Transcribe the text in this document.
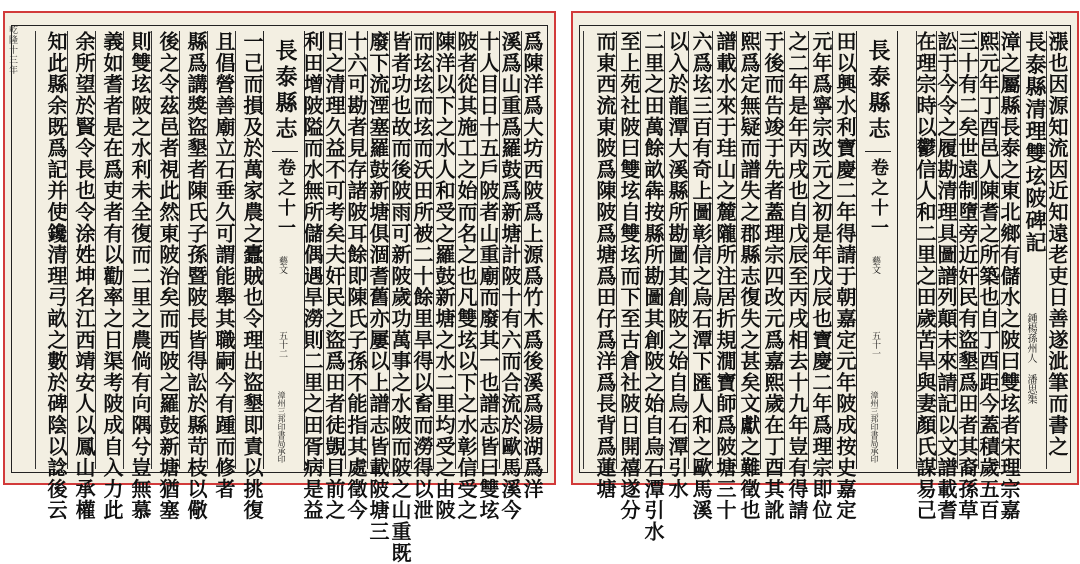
乾隆十三年	爲陳洋爲大坊西陂爲上源爲竹木爲後溪爲湯湖爲洋
溪爲山重爲羅鼓爲新塘計陂十有六而合流於歐馬溪今
十人目日十五戶陂者山重廟而廢其一也譜志皆曰雙𡊨
陂者從其施工之始而名之也凡雙𡊨以下之水彰信受之
陳洋以下之水人和受之羅鼓新塘之水二里均受之由陂
而𡊨𡊨而𡊨而沃田所被二十餘里旱得以畜而澇得以泄
皆者功也故而後陂雨可新陂歲功萬事之水陂而陂之山重既
廢下流湮塞羅鼓新塘俱涸耆舊亦屢以上譜志皆載陂塘三
十六可勘者見存諸陂耳餘即陳氏子孫不能指其處徵今
日之清理久益不可考矣夫奸民之盜爲田者徒覬目前之
利田增陂隘而水無所儲偶遇旱澇則二里之田胥病是益
長泰縣志
卷之十一
藝文
五十二
漳州三邦印書局承印
一己而損及於萬家農之蠹賊也令理出盜墾即責以挑復
且倡營善廟立石垂久可謂能舉其職嗣今有踵而修者
縣爲講獎盜墾者陳氏子孫暨陂長皆得訟於縣苛枝以儆
後之令茲邑者視此然東陂治矣而西陂之羅鼓新塘猶塞
則雙𡊨陂之水利未全復而二里之農倘有向隅兮豈無慕
義如耆者是在爲吏者有以勸率之日渠考陂成自入力此
余所望於賢令長也令涂姓坤名江西靖安人以鳳山承權
知此縣余既爲記并使鑱清理弓畝之數於碑陰以諗後云	漲也因源知流因近知遠老吏日善遂泚筆而書之
長泰縣清理雙𡊨陂碑記
漳之屬縣長泰之東北鄉有儲水之陂曰雙𡊨者宋理宗嘉
熙元年丁酉邑人陳耆之所築也自丁酉距今蓋積歲五百
三十有二矣世遠制墮旁近奸民有盜墾爲田者其裔孫草
訟于今令之履勘清理具圖譜列顛末來請記以文譜載耆
在理宗時以鬱信人和二里之田歲苦旱與妻顏氏謀易己	鍾楊孫州人 潘思榘
長泰縣志
卷之十一
藝文
五十一
漳州三邦印書局承印
田以興水利寶慶二年得請于朝嘉定元年陂成按史嘉定
元年爲寧宗改元之初是年戊辰也寶慶二年爲理宗即位
之二年是年丙戌也自戊辰至丙戌相去十九年豈有得請
于後而告竣于先者蓋理宗四改元爲嘉熙歲在丁酉其訛
熙爲定無疑而譜失之郡縣志復失之甚矣文獻之難徵也
譜載水來于珪山之麓隴所注居折規㵎寶師爲陂塘三十
六爲𡊨三百有奇上圖彰信之烏石潭下匯人和之歐馬溪
以入於龍潭大溪縣所勘圖其創陂之始自烏石潭引水
二里之田萬餘畝犇按縣所勘圖其創陂之始自烏石潭引水
至上苑社陂曰雙𡊨自雙𡊨而下至古倉社陂日開禧遂分
而東西流東陂爲陳陂爲塘爲田仔爲洋爲長背爲蓮塘
